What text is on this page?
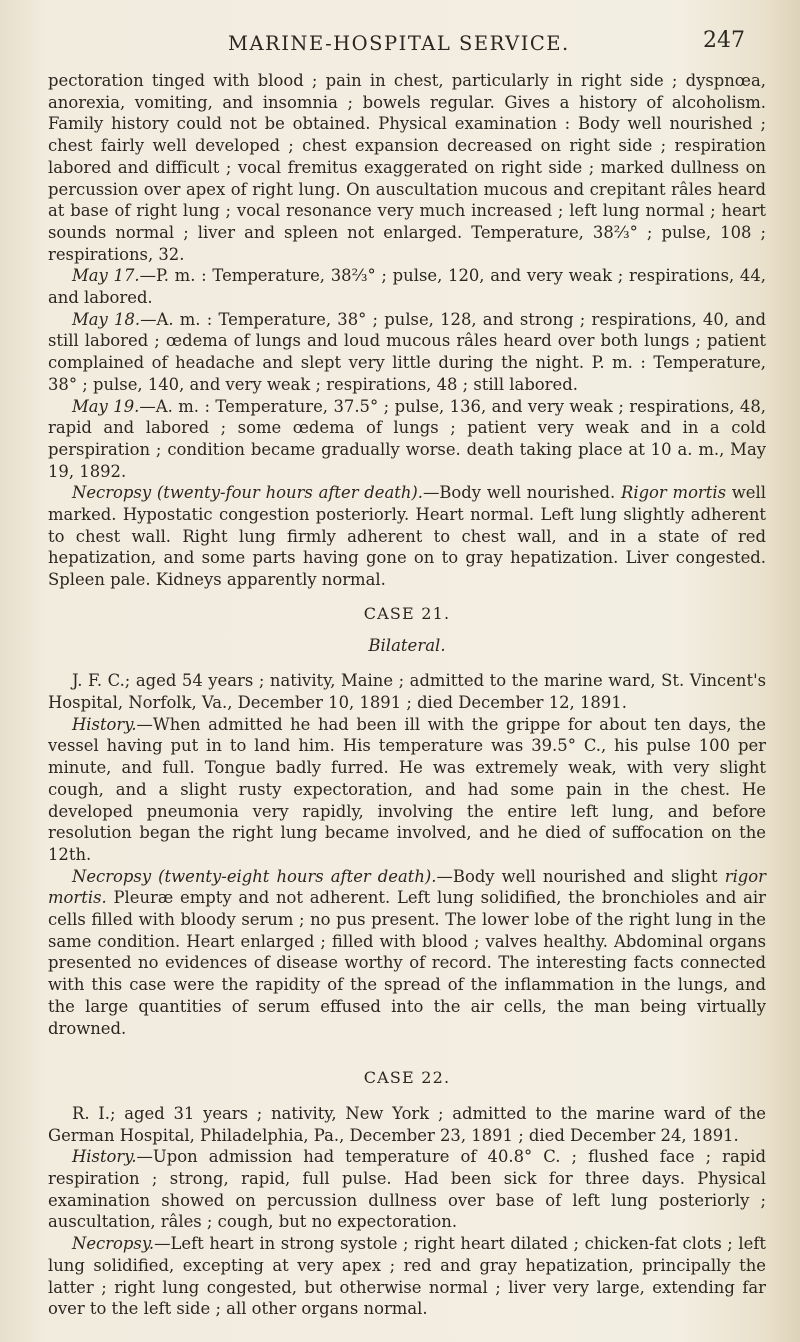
MARINE-HOSPITAL SERVICE.	247

pectoration tinged with blood ; pain in chest, particularly in right side ; dyspnœa, anorexia, vomiting, and insomnia ; bowels regular. Gives a history of alcoholism. Family history could not be obtained. Physical examination : Body well nourished ; chest fairly well developed ; chest expansion decreased on right side ; respiration labored and difficult ; vocal fremitus exaggerated on right side ; marked dullness on percussion over apex of right lung. On auscultation mucous and crepitant râles heard at base of right lung ; vocal resonance very much increased ; left lung normal ; heart sounds normal ; liver and spleen not enlarged. Temperature, 38⅔° ; pulse, 108 ; respirations, 32.

May 17.—P. m. : Temperature, 38⅔° ; pulse, 120, and very weak ; respirations, 44, and labored.

May 18.—A. m. : Temperature, 38° ; pulse, 128, and strong ; respirations, 40, and still labored ; œdema of lungs and loud mucous râles heard over both lungs ; patient complained of headache and slept very little during the night. P. m. : Temperature, 38° ; pulse, 140, and very weak ; respirations, 48 ; still labored.

May 19.—A. m. : Temperature, 37.5° ; pulse, 136, and very weak ; respirations, 48, rapid and labored ; some œdema of lungs ; patient very weak and in a cold perspiration ; condition became gradually worse. death taking place at 10 a. m., May 19, 1892.

Necropsy (twenty-four hours after death).—Body well nourished. Rigor mortis well marked. Hypostatic congestion posteriorly. Heart normal. Left lung slightly adherent to chest wall. Right lung firmly adherent to chest wall, and in a state of red hepatization, and some parts having gone on to gray hepatization. Liver congested. Spleen pale. Kidneys apparently normal.

CASE 21.
Bilateral.

J. F. C.; aged 54 years ; nativity, Maine ; admitted to the marine ward, St. Vincent's Hospital, Norfolk, Va., December 10, 1891 ; died December 12, 1891.

History.—When admitted he had been ill with the grippe for about ten days, the vessel having put in to land him. His temperature was 39.5° C., his pulse 100 per minute, and full. Tongue badly furred. He was extremely weak, with very slight cough, and a slight rusty expectoration, and had some pain in the chest. He developed pneumonia very rapidly, involving the entire left lung, and before resolution began the right lung became involved, and he died of suffocation on the 12th.

Necropsy (twenty-eight hours after death).—Body well nourished and slight rigor mortis. Pleuræ empty and not adherent. Left lung solidified, the bronchioles and air cells filled with bloody serum ; no pus present. The lower lobe of the right lung in the same condition. Heart enlarged ; filled with blood ; valves healthy. Abdominal organs presented no evidences of disease worthy of record. The interesting facts connected with this case were the rapidity of the spread of the inflammation in the lungs, and the large quantities of serum effused into the air cells, the man being virtually drowned.

CASE 22.

R. I.; aged 31 years ; nativity, New York ; admitted to the marine ward of the German Hospital, Philadelphia, Pa., December 23, 1891 ; died December 24, 1891.

History.—Upon admission had temperature of 40.8° C. ; flushed face ; rapid respiration ; strong, rapid, full pulse. Had been sick for three days. Physical examination showed on percussion dullness over base of left lung posteriorly ; auscultation, râles ; cough, but no expectoration.

Necropsy.—Left heart in strong systole ; right heart dilated ; chicken-fat clots ; left lung solidified, excepting at very apex ; red and gray hepatization, principally the latter ; right lung congested, but otherwise normal ; liver very large, extending far over to the left side ; all other organs normal.
